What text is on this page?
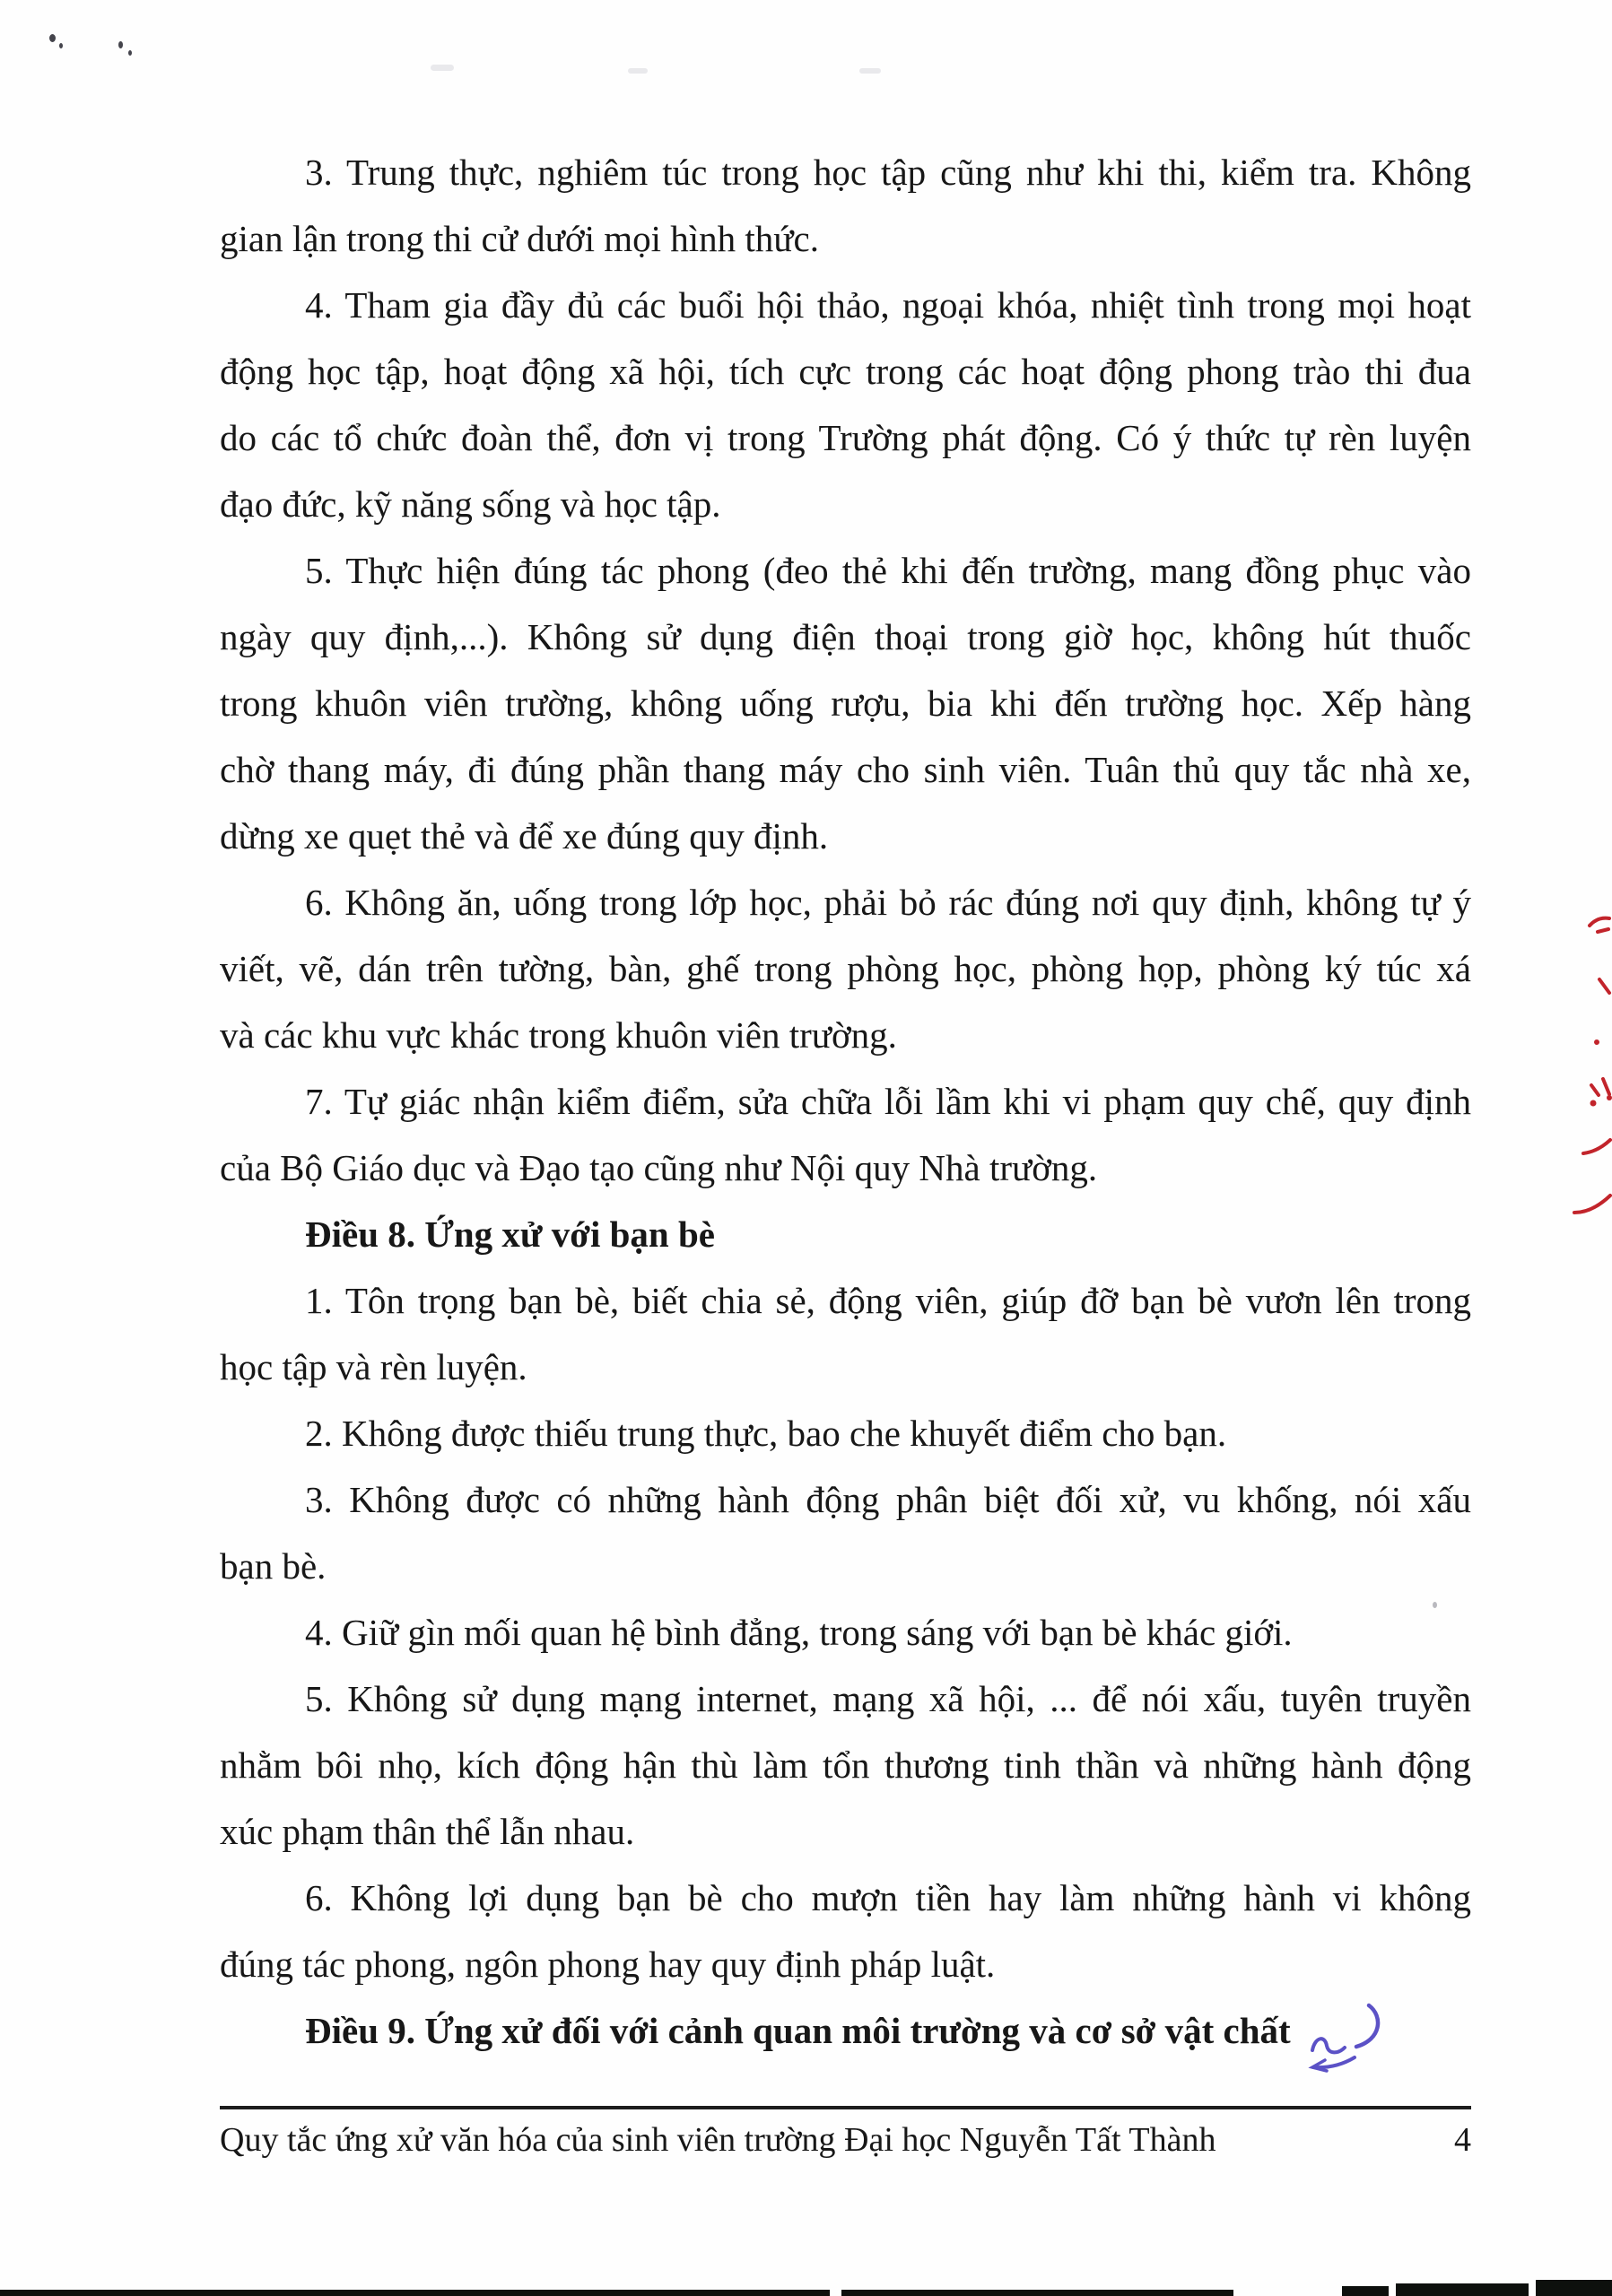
3. Trung thực, nghiêm túc trong học tập cũng như khi thi, kiểm tra. Không
gian lận trong thi cử dưới mọi hình thức.
4. Tham gia đầy đủ các buổi hội thảo, ngoại khóa, nhiệt tình trong mọi hoạt
động học tập, hoạt động xã hội, tích cực trong các hoạt động phong trào thi đua
do các tổ chức đoàn thể, đơn vị trong Trường phát động. Có ý thức tự rèn luyện
đạo đức, kỹ năng sống và học tập.
5. Thực hiện đúng tác phong (đeo thẻ khi đến trường, mang đồng phục vào
ngày quy định,...). Không sử dụng điện thoại trong giờ học, không hút thuốc
trong khuôn viên trường, không uống rượu, bia khi đến trường học. Xếp hàng
chờ thang máy, đi đúng phần thang máy cho sinh viên. Tuân thủ quy tắc nhà xe,
dừng xe quẹt thẻ và để xe đúng quy định.
6. Không ăn, uống trong lớp học, phải bỏ rác đúng nơi quy định, không tự ý
viết, vẽ, dán trên tường, bàn, ghế trong phòng học, phòng họp, phòng ký túc xá
và các khu vực khác trong khuôn viên trường.
7. Tự giác nhận kiểm điểm, sửa chữa lỗi lầm khi vi phạm quy chế, quy định
của Bộ Giáo dục và Đạo tạo cũng như Nội quy Nhà trường.
Điều 8. Ứng xử với bạn bè
1. Tôn trọng bạn bè, biết chia sẻ, động viên, giúp đỡ bạn bè vươn lên trong
học tập và rèn luyện.
2. Không được thiếu trung thực, bao che khuyết điểm cho bạn.
3. Không được có những hành động phân biệt đối xử, vu khống, nói xấu
bạn bè.
4. Giữ gìn mối quan hệ bình đẳng, trong sáng với bạn bè khác giới.
5. Không sử dụng mạng internet, mạng xã hội, ... để nói xấu, tuyên truyền
nhằm bôi nhọ, kích động hận thù làm tổn thương tinh thần và những hành động
xúc phạm thân thể lẫn nhau.
6. Không lợi dụng bạn bè cho mượn tiền hay làm những hành vi không
đúng tác phong, ngôn phong hay quy định pháp luật.
Điều 9. Ứng xử đối với cảnh quan môi trường và cơ sở vật chất
Quy tắc ứng xử văn hóa của sinh viên trường Đại học Nguyễn Tất Thành	4
